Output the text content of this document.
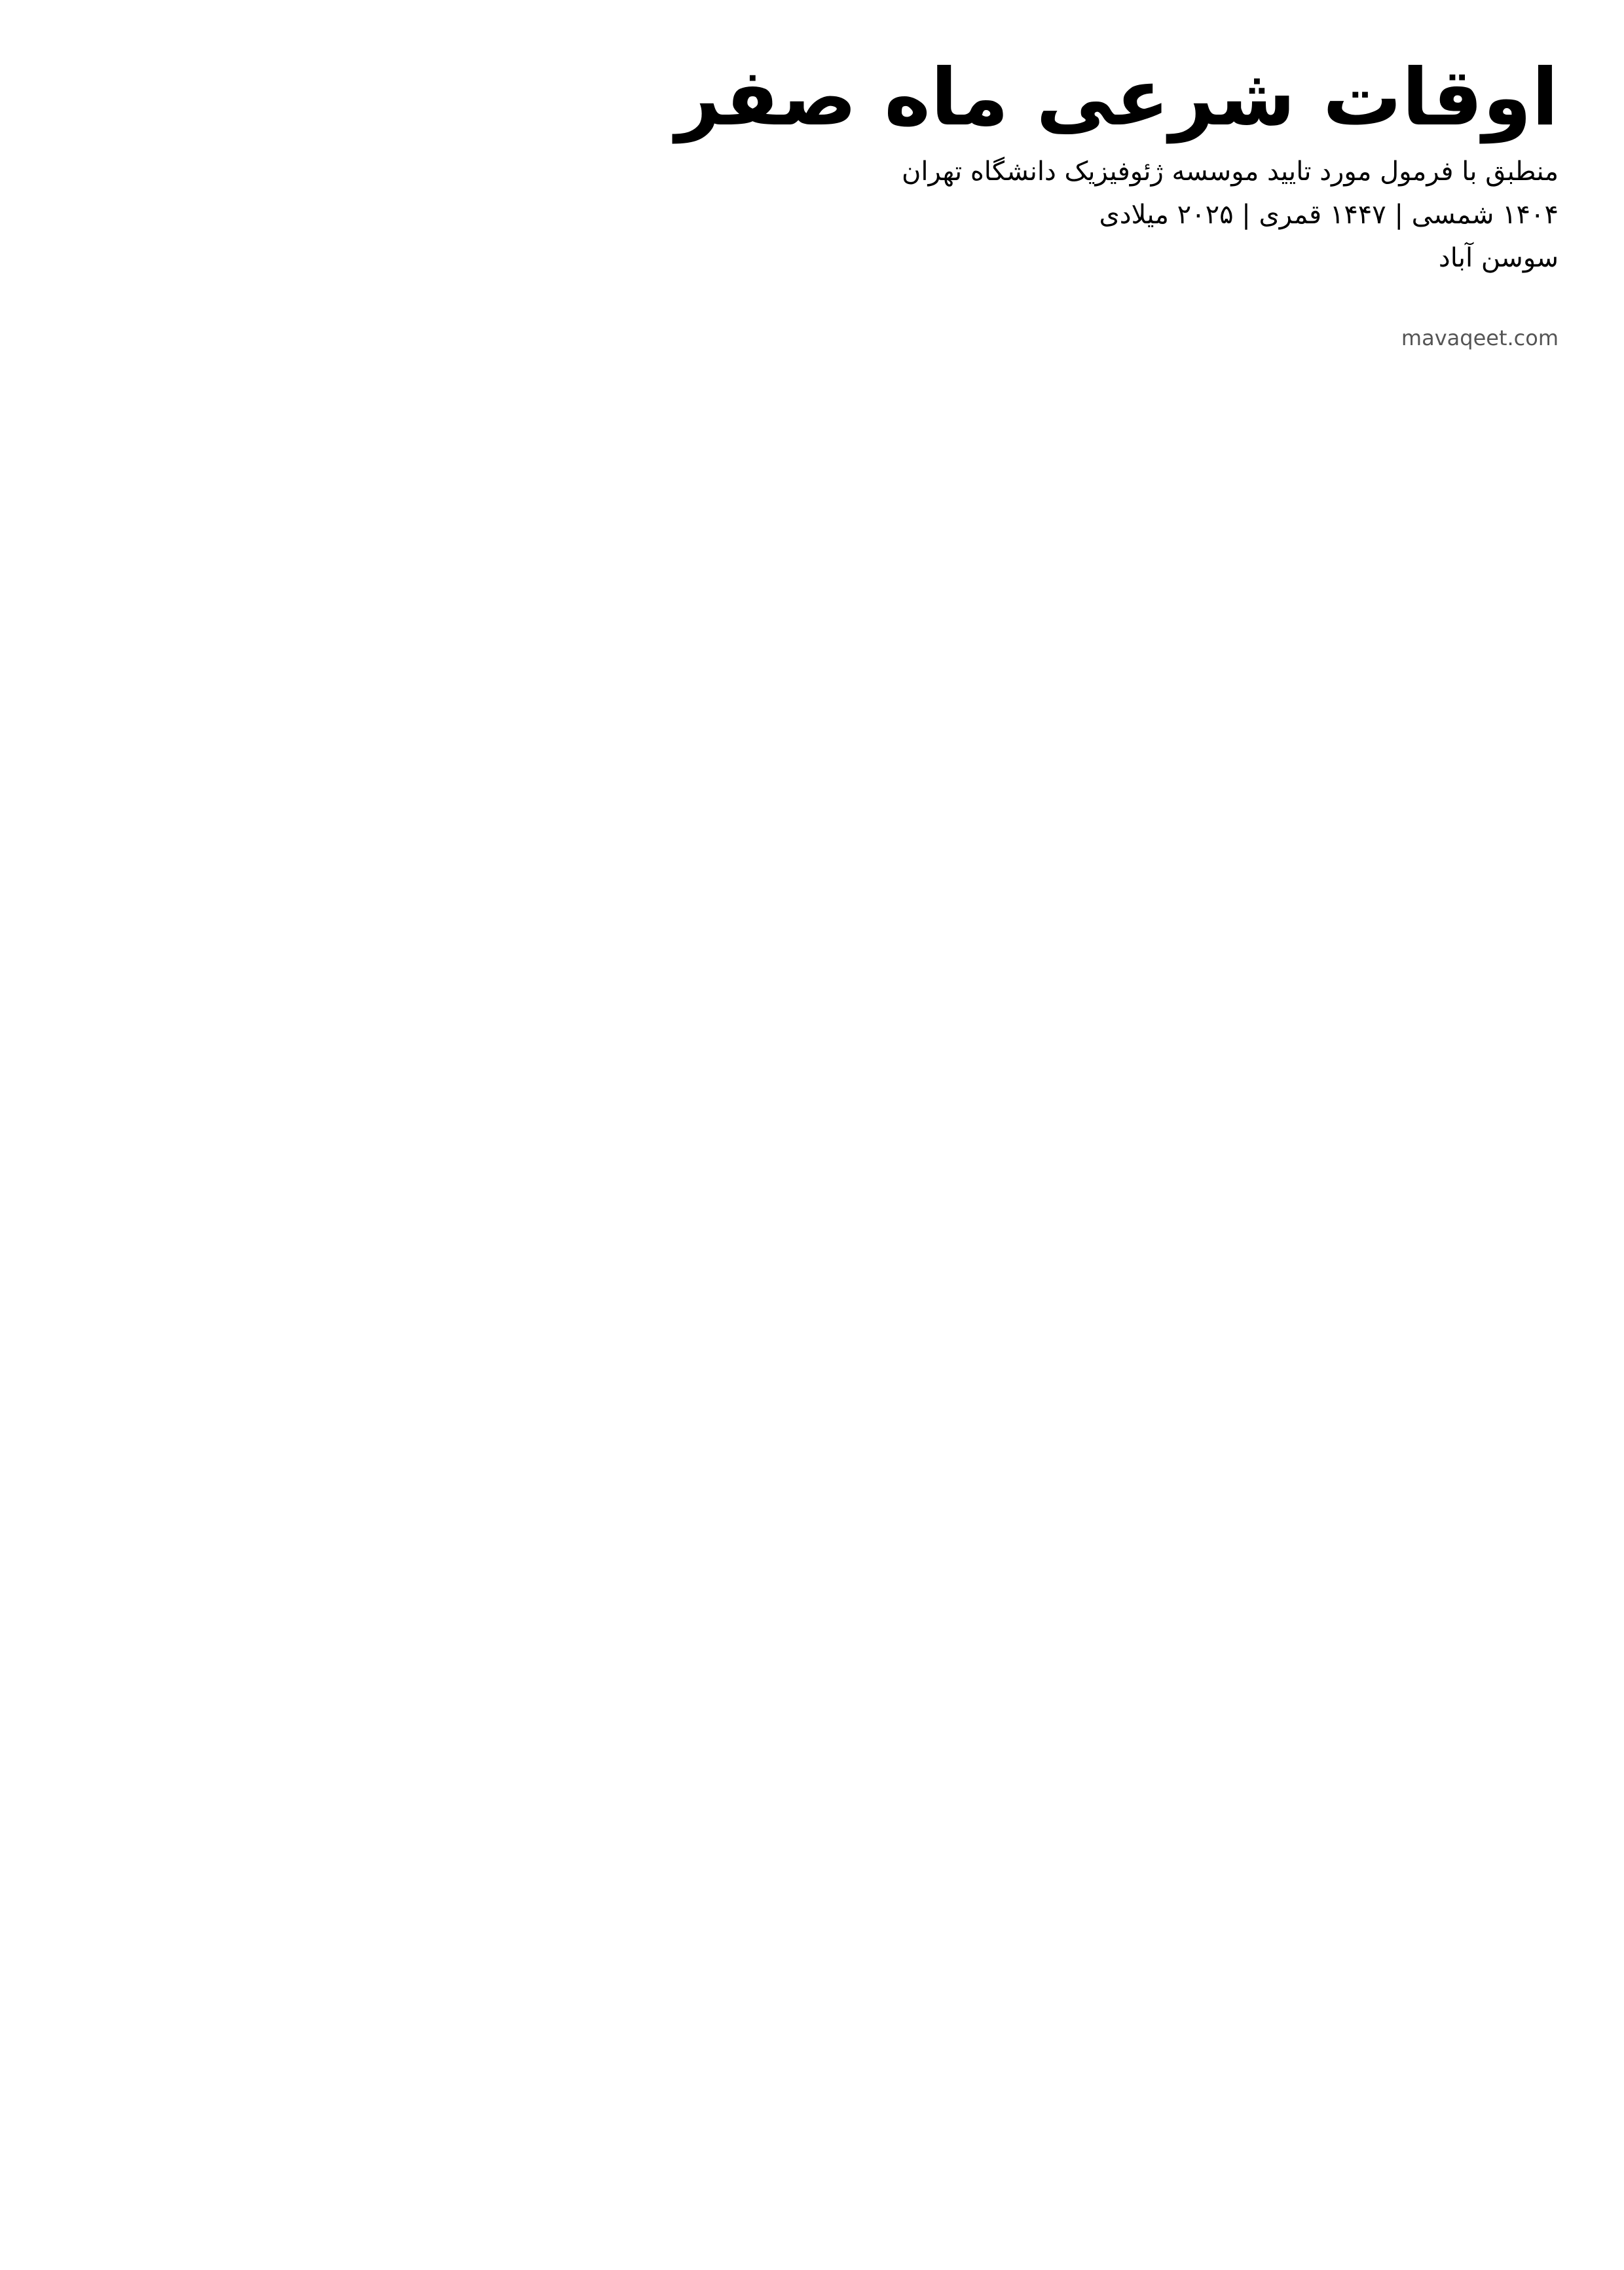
اوقات شرعی ماه صفر
منطبق با فرمول مورد تایید موسسه ژئوفیزیک دانشگاه تهران
۱۴۰۴ شمسی | ۱۴۴۷ قمری | ۲۰۲۵ میلادی
سوسن آباد
mavaqeet.com
